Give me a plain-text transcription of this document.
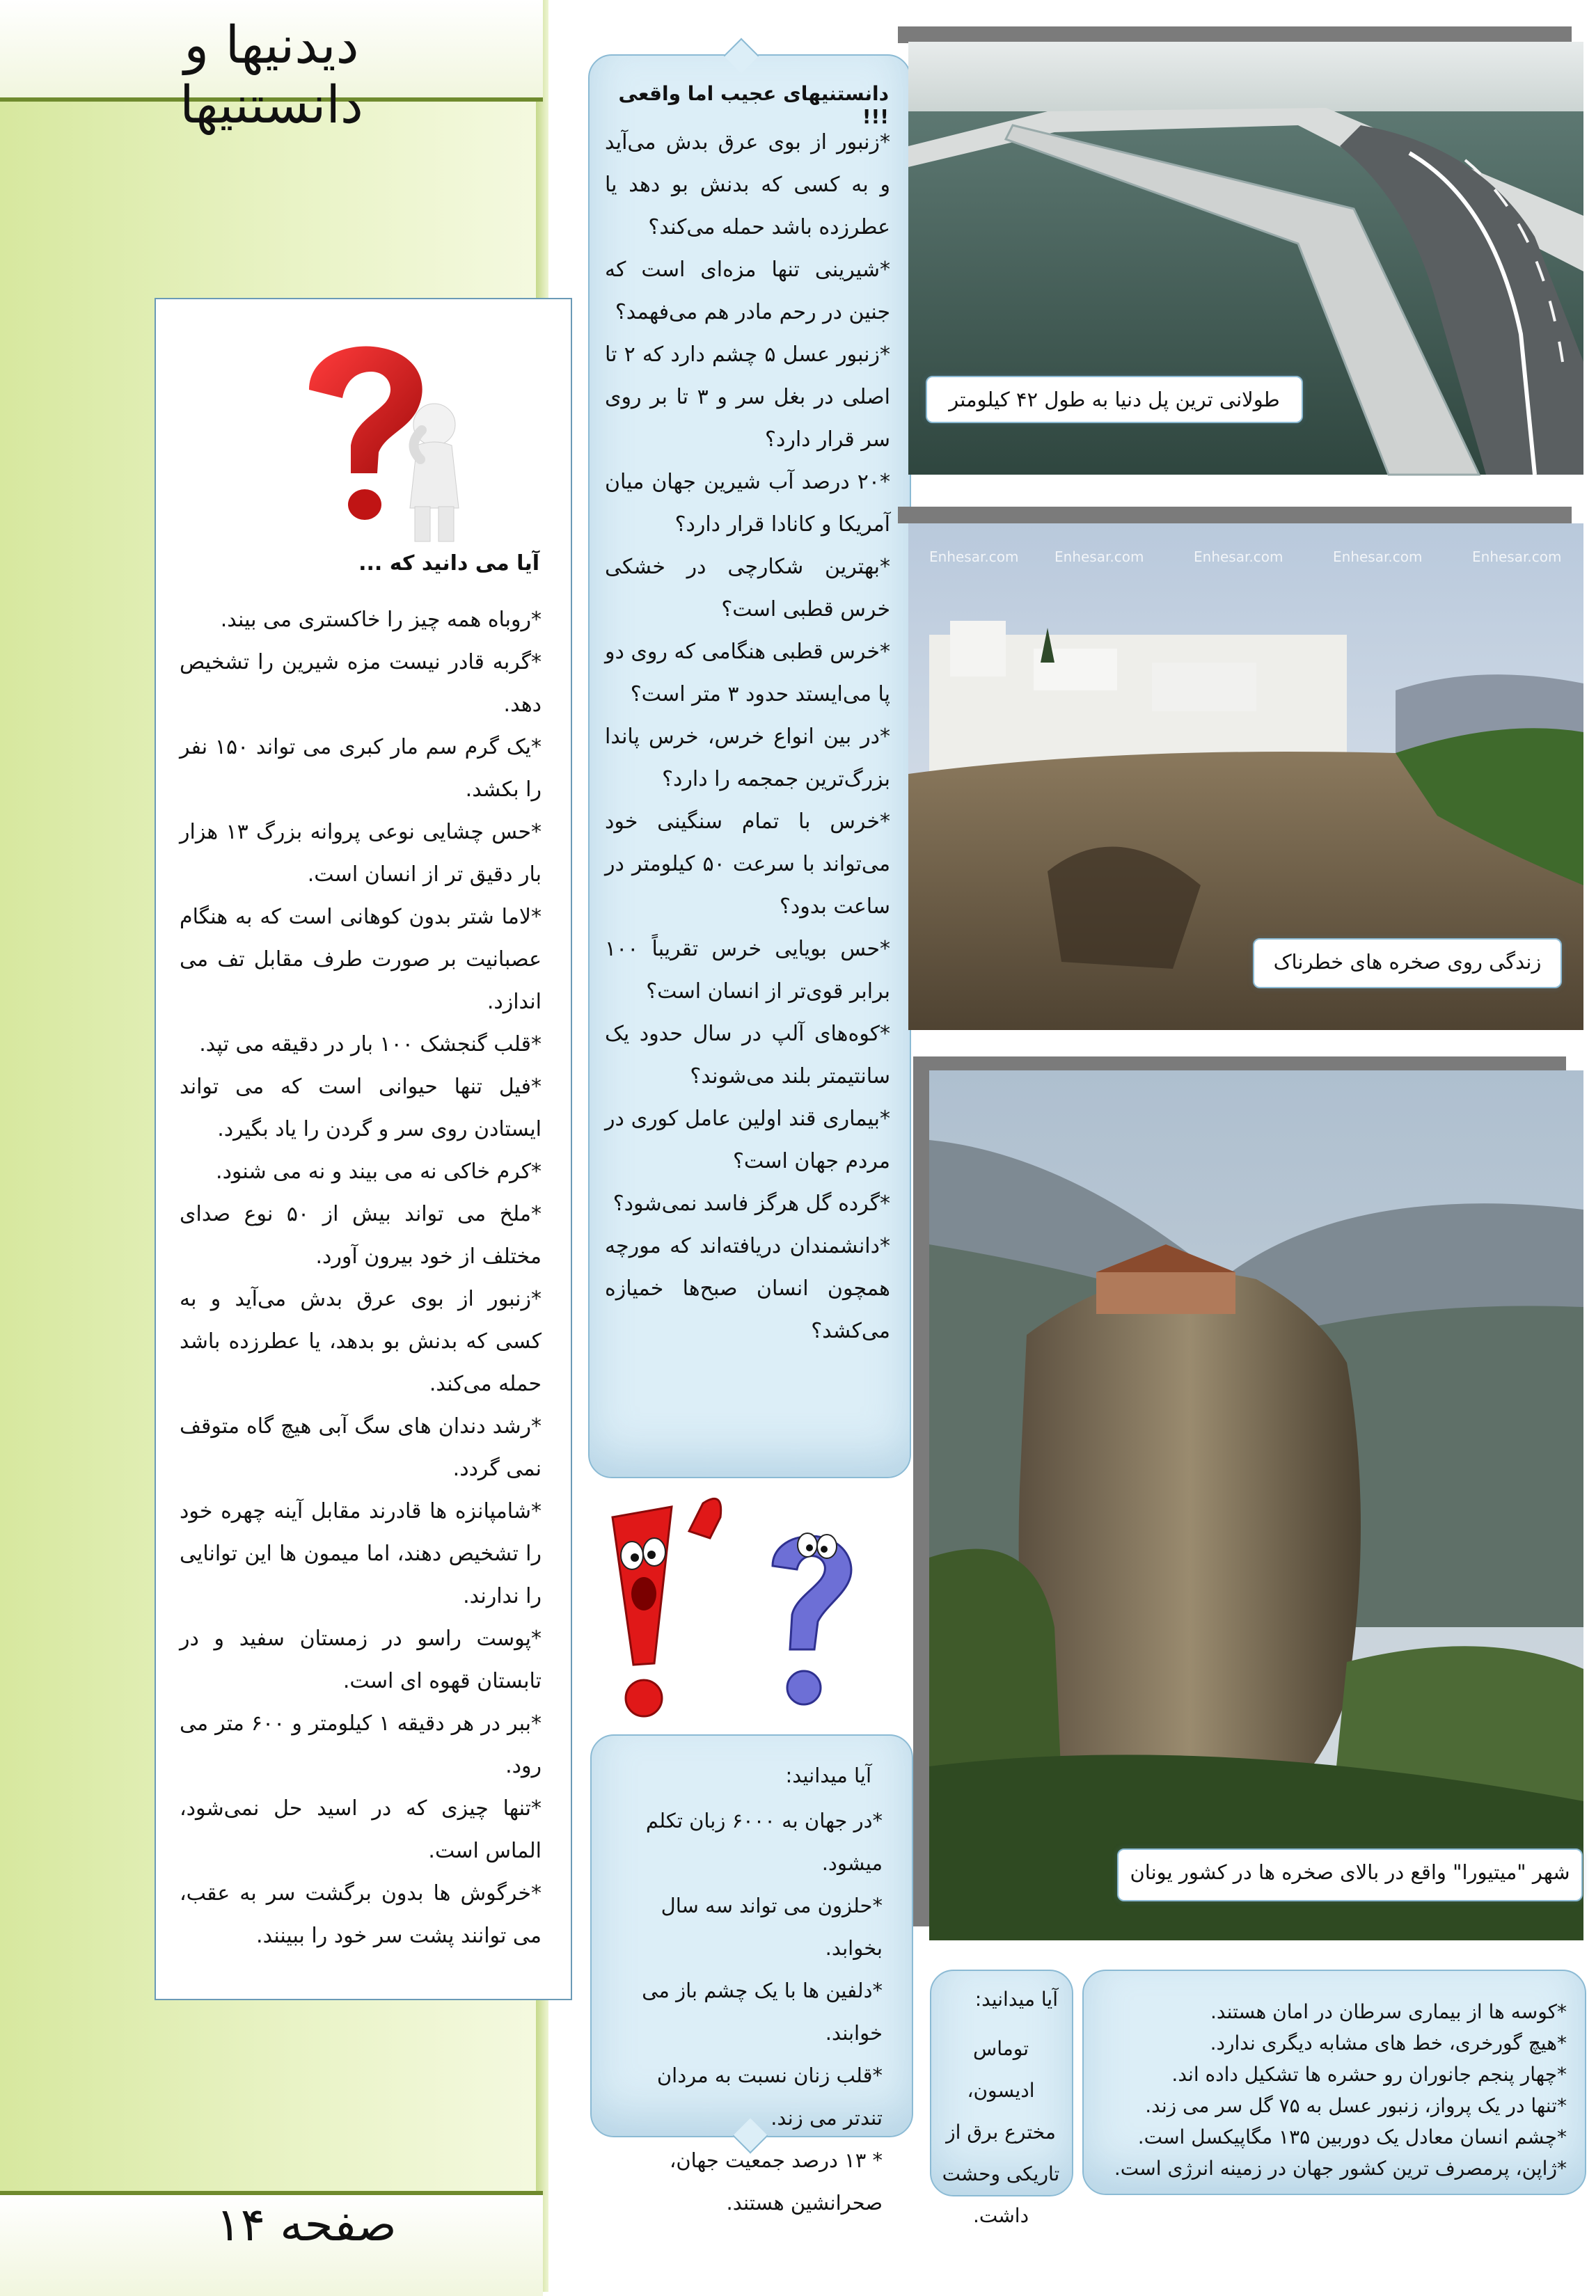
دیدنیها و دانستنیها
صفحه ۱۴
آیا می دانید که ...
*روباه همه چیز را خاکستری می بیند.
*گربه قادر نیست مزه شیرین را تشخیص دهد.
*یک گرم سم مار کبری می تواند ۱۵۰ نفر را بکشد.
*حس چشایی نوعی پروانه بزرگ ۱۳ هزار بار دقیق تر از انسان است.
*لاما شتر بدون کوهانی است که به هنگام عصبانیت بر صورت طرف مقابل تف می اندازد.
*قلب گنجشک ۱۰۰ بار در دقیقه می تپد.
*فیل تنها حیوانی است که می تواند ایستادن روی سر و گردن را یاد بگیرد.
*کرم خاکی نه می بیند و نه می شنود.
*ملخ می تواند بیش از ۵۰ نوع صدای مختلف از خود بیرون آورد.
*زنبور از بوی عرق بدش می‌آید و به کسی که بدنش بو بدهد، یا عطرزده باشد حمله می‌کند.
*رشد دندان های سگ آبی هیچ گاه متوقف نمی گردد.
*شامپانزه ها قادرند مقابل آینه چهره خود را تشخیص دهند، اما میمون ها این توانایی را ندارند.
*پوست راسو در زمستان سفید و در تابستان قهوه ای است.
*ببر در هر دقیقه ۱ کیلومتر و ۶۰۰ متر می رود.
*تنها چیزی که در اسید حل نمی‌شود، الماس است.
*خرگوش ها بدون برگشت سر به عقب، می توانند پشت سر خود را ببینند.
دانستنیهای عجیب اما واقعی !!!
*زنبور از بوی عرق بدش می‌آید و به کسی که بدنش بو دهد یا عطرزده باشد حمله می‌کند؟
*شیرینی تنها مزه‌ای است که جنین در رحم مادر هم می‌فهمد؟
*زنبور عسل ۵ چشم دارد که ۲ تا اصلی در بغل سر و ۳ تا بر روی سر قرار دارد؟
*۲۰ درصد آب شیرین جهان میان آمریکا و کانادا قرار دارد؟
*بهترین شکارچی در خشکی خرس قطبی است؟
*خرس قطبی هنگامی که روی دو پا می‌ایستد حدود ۳ متر است؟
*در بین انواع خرس، خرس پاندا بزرگ‌ترین جمجمه را دارد؟
*خرس با تمام سنگینی خود می‌تواند با سرعت ۵۰ کیلومتر در ساعت بدود؟
*حس بویایی خرس تقریباً ۱۰۰ برابر قوی‌تر از انسان است؟
*کوه‌های آلپ در سال حدود یک سانتیمتر بلند می‌شوند؟
*بیماری قند اولین عامل کوری در مردم جهان است؟
*گرده گل هرگز فاسد نمی‌شود؟
*دانشمندان دریافته‌اند که مورچه همچون انسان صبح‌ها خمیازه می‌کشد؟
آیا میدانید:
*در جهان به ۶۰۰۰ زبان تکلم میشود.
*حلزون می تواند سه سال بخوابد.
*دلفین ها با یک چشم باز می خوابند.
*قلب زنان نسبت به مردان تندتر می زند.
* ۱۳ درصد جمعیت جهان، صحرانشین هستند.
آیا میدانید:
توماس ادیسون، مخترع برق از تاریکی وحشت داشت.
*کوسه ها از بیماری سرطان در امان هستند.
*هیچ گورخری، خط های مشابه دیگری ندارد.
*چهار پنجم جانوران رو حشره ها تشکیل داده اند.
*تنها در یک پرواز، زنبور عسل به ۷۵ گل سر می زند.
*چشم انسان معادل یک دوربین ۱۳۵ مگاپیکسل است.
*ژاپن، پرمصرف ترین کشور جهان در زمینه انرژی است.
طولانی ترین پل دنیا به طول ۴۲ کیلومتر
Enhesar.com	Enhesar.com	Enhesar.com	Enhesar.com	Enhesar.com
زندگی روی صخره های خطرناک
شهر "میتیورا" واقع در بالای صخره ها در کشور یونان
